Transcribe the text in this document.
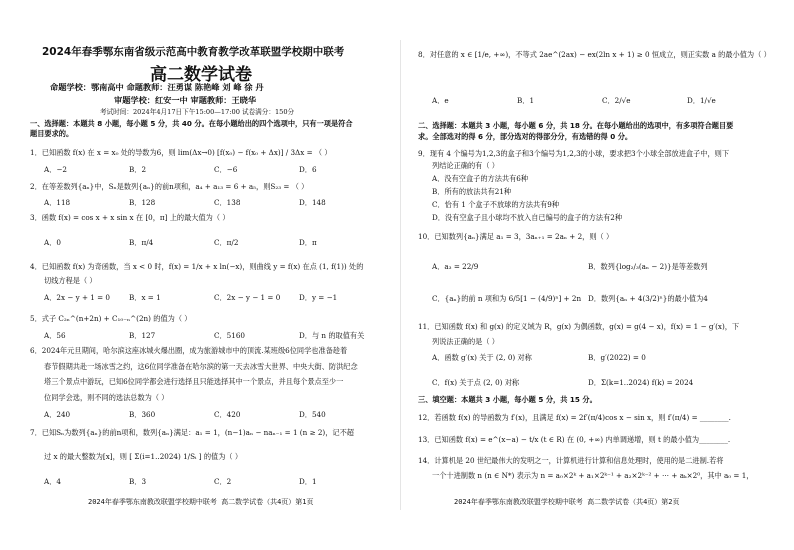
2024年春季鄂东南省级示范高中教育教学改革联盟学校期中联考
高二数学试卷
命题学校：鄂南高中 命题教师：汪勇谋 陈艳峰 刘 峰 徐 丹
审题学校：红安一中 审题教师：王晓华
考试时间：2024年4月17日下午15:00—17:00 试卷满分：150分
一、选择题：本题共 8 小题，每小题 5 分，共 40 分。在每小题给出的四个选项中，只有一项是符合
题目要求的。
1．已知函数 f(x) 在 x = x₀ 处的导数为6，则 lim(Δx→0) [f(x₀) − f(x₀ + Δx)] / 3Δx = （ ）
A．−2	B．2	C．−6	D．6
2．在等差数列{aₙ}中，Sₙ是数列{aₙ}的前n项和，a₄ + a₁₃ = 6 + a₅，则S₂₃ = （ ）
A．118	B．128	C．138	D．148
3．函数 f(x) = cos x + x sin x 在 [0，π] 上的最大值为（ ）
A．0	B．π/4	C．π/2	D．π
4．已知函数 f(x) 为奇函数，当 x < 0 时，f(x) = 1/x + x ln(−x)，则曲线 y = f(x) 在点 (1, f(1)) 处的
切线方程是（ ）
A．2x − y + 1 = 0	B．x = 1	C．2x − y − 1 = 0	D．y = −1
5．式子 C₂ₙ^(n+2n) + C₁₀₋ₙ^(2n) 的值为（ ）
A．56	B．127	C．5160	D．与 n 的取值有关
6．2024年元旦期间，哈尔滨这座冰城火爆出圈，成为旅游城市中的顶流.某班级6位同学也准备趁着
春节假期共赴一场冰雪之约，这6位同学准备在哈尔滨的第一天去冰雪大世界、中央大街、防洪纪念
塔三个景点中游玩，已知6位同学都会进行选择且只能选择其中一个景点，并且每个景点至少一
位同学会选，则不同的选法总数为（ ）
A．240	B．360	C．420	D．540
7．已知Sₙ为数列{aₙ}的前n项和，数列{aₙ}满足：a₁ = 1，(n−1)aₙ − naₙ₋₁ = 1 (n ≥ 2)，记不超
过 x 的最大整数为[x]，则 [ Σ(i=1..2024) 1/Sᵢ ] 的值为（ ）
A．4	B．3	C．2	D．1
2024年春季鄂东南教改联盟学校期中联考 高二数学试卷（共4页）第1页
8．对任意的 x ∈ [1/e, +∞)，不等式 2ae^(2ax) − ex(2ln x + 1) ≥ 0 恒成立，则正实数 a 的最小值为（ ）
A．e	B．1	C．2/√e	D．1/√e
二、选择题：本题共 3 小题，每小题 6 分，共 18 分。在每小题给出的选项中，有多项符合题目要
求。全部选对的得 6 分，部分选对的得部分分，有选错的得 0 分。
9．现有 4 个编号为1,2,3的盒子和3个编号为1,2,3的小球，要求把3个小球全部放进盒子中，则下
列结论正确的有（ ）
A．没有空盒子的方法共有6种
B．所有的放法共有21种
C．恰有 1 个盒子不放球的方法共有9种
D．没有空盒子且小球均不放入自已编号的盒子的方法有2种
10．已知数列{aₙ}满足 a₁ = 3，3aₙ₊₁ = 2aₙ + 2，则（ ）
A．a₃ = 22/9	B．数列{log₂/₃(aₙ − 2)}是等差数列
C．{aₙ}的前 n 项和为 6/5[1 − (4/9)ⁿ] + 2n D．数列{aₙ + 4(3/2)ⁿ}的最小值为4
11．已知函数 f(x) 和 g(x) 的定义域为 R，g(x) 为偶函数，g(x) = g(4 − x)，f(x) = 1 − g′(x)，下
列说法正确的是（ ）
A．函数 g′(x) 关于 (2, 0) 对称	B．g′(2022) = 0
C．f(x) 关于点 (2, 0) 对称	D．Σ(k=1..2024) f(k) = 2024
三、填空题：本题共 3 小题，每小题 5 分，共 15 分。
12．若函数 f(x) 的导函数为 f′(x)，且满足 f(x) = 2f′(π/4)cos x − sin x，则 f′(π/4) = ________.
13．已知函数 f(x) = e^(x−a) − t/x (t ∈ R) 在 (0, +∞) 内单调递增，则 t 的最小值为________.
14．计算机是 20 世纪最伟大的发明之一，计算机进行计算和信息处理时，使用的是二进制.若将
一个十进制数 n (n ∈ N*) 表示为 n = a₀×2ᵏ + a₁×2ᵏ⁻¹ + a₂×2ᵏ⁻² + ⋯ + aₖ×2⁰，其中 a₀ = 1，
2024年春季鄂东南教改联盟学校期中联考 高二数学试卷（共4页）第2页
